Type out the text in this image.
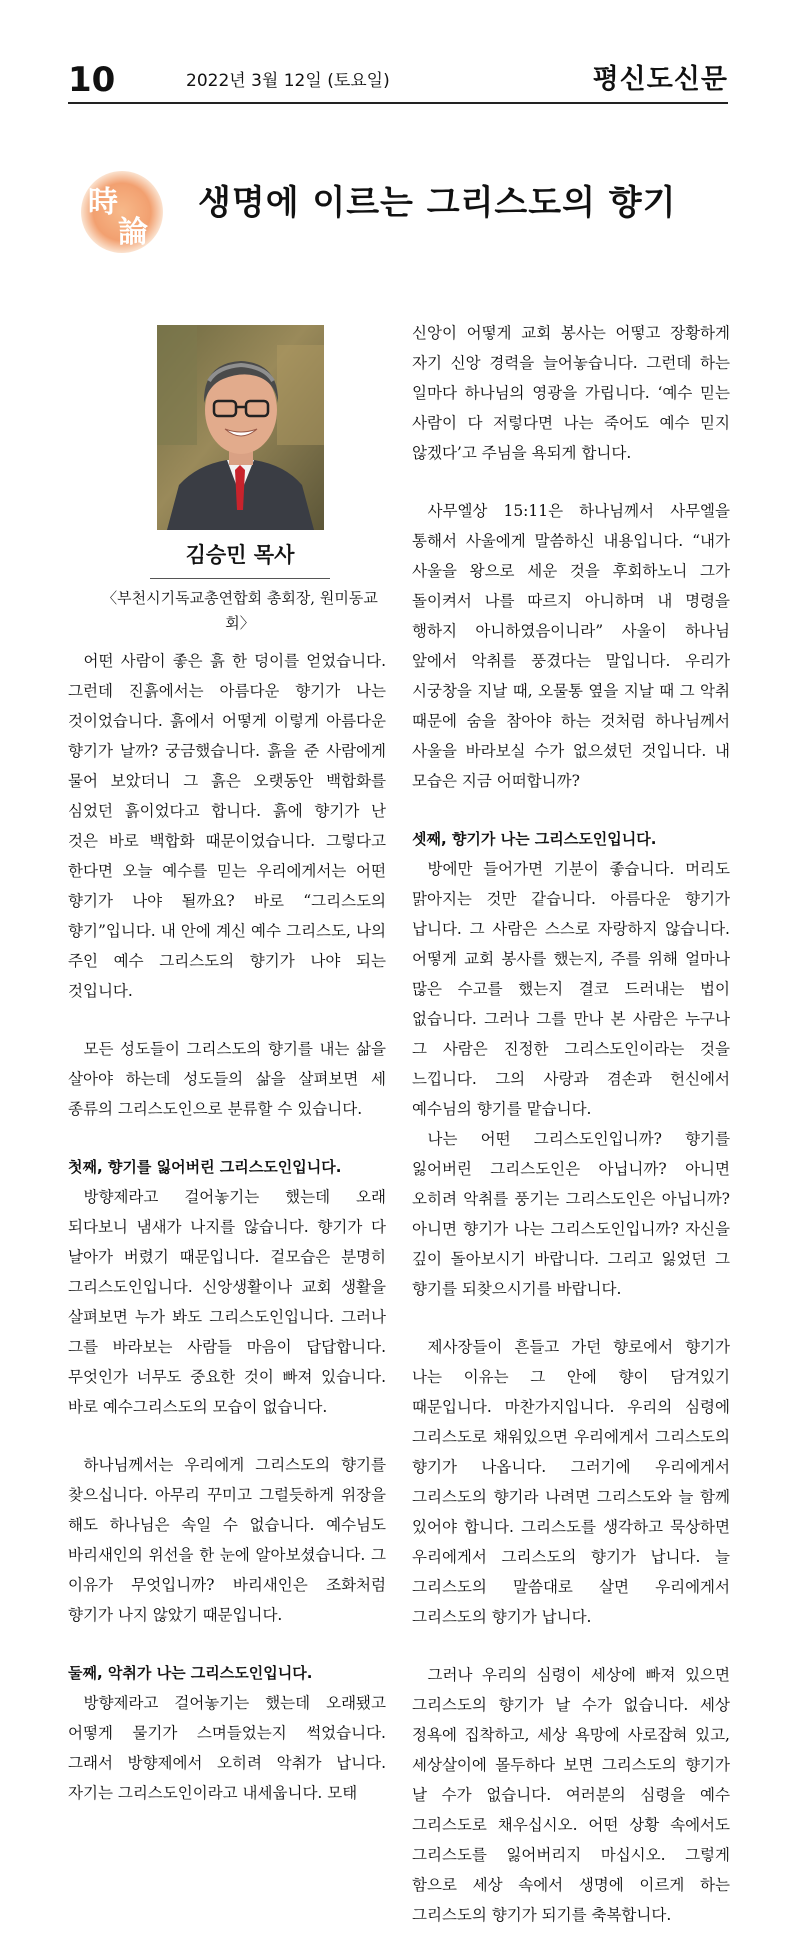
10	2022년 3월 12일 (토요일)	평신도신문
時
論
생명에 이르는 그리스도의 향기
김승민 목사
〈부천시기독교총연합회 총회장, 원미동교회〉

어떤 사람이 좋은 흙 한 덩이를 얻었습니다. 그런데 진흙에서는 아름다운 향기가 나는 것이었습니다. 흙에서 어떻게 이렇게 아름다운 향기가 날까? 궁금했습니다. 흙을 준 사람에게 물어 보았더니 그 흙은 오랫동안 백합화를 심었던 흙이었다고 합니다. 흙에 향기가 난 것은 바로 백합화 때문이었습니다. 그렇다고 한다면 오늘 예수를 믿는 우리에게서는 어떤 향기가 나야 될까요? 바로 “그리스도의 향기”입니다. 내 안에 계신 예수 그리스도, 나의 주인 예수 그리스도의 향기가 나야 되는 것입니다.

모든 성도들이 그리스도의 향기를 내는 삶을 살아야 하는데 성도들의 삶을 살펴보면 세 종류의 그리스도인으로 분류할 수 있습니다.

첫째, 향기를 잃어버린 그리스도인입니다.

방향제라고 걸어놓기는 했는데 오래 되다보니 냄새가 나지를 않습니다. 향기가 다 날아가 버렸기 때문입니다. 겉모습은 분명히 그리스도인입니다. 신앙생활이나 교회 생활을 살펴보면 누가 봐도 그리스도인입니다. 그러나 그를 바라보는 사람들 마음이 답답합니다. 무엇인가 너무도 중요한 것이 빠져 있습니다. 바로 예수그리스도의 모습이 없습니다.

하나님께서는 우리에게 그리스도의 향기를 찾으십니다. 아무리 꾸미고 그럴듯하게 위장을 해도 하나님은 속일 수 없습니다. 예수님도 바리새인의 위선을 한 눈에 알아보셨습니다. 그 이유가 무엇입니까? 바리새인은 조화처럼 향기가 나지 않았기 때문입니다.

둘째, 악취가 나는 그리스도인입니다.

방향제라고 걸어놓기는 했는데 오래됐고 어떻게 물기가 스며들었는지 썩었습니다. 그래서 방향제에서 오히려 악취가 납니다. 자기는 그리스도인이라고 내세웁니다. 모태

신앙이 어떻게 교회 봉사는 어떻고 장황하게 자기 신앙 경력을 늘어놓습니다. 그런데 하는 일마다 하나님의 영광을 가립니다. ‘예수 믿는 사람이 다 저렇다면 나는 죽어도 예수 믿지 않겠다’고 주님을 욕되게 합니다.

사무엘상 15:11은 하나님께서 사무엘을 통해서 사울에게 말씀하신 내용입니다. “내가 사울을 왕으로 세운 것을 후회하노니 그가 돌이켜서 나를 따르지 아니하며 내 명령을 행하지 아니하였음이니라” 사울이 하나님 앞에서 악취를 풍겼다는 말입니다. 우리가 시궁창을 지날 때, 오물통 옆을 지날 때 그 악취 때문에 숨을 참아야 하는 것처럼 하나님께서 사울을 바라보실 수가 없으셨던 것입니다. 내 모습은 지금 어떠합니까?

셋째, 향기가 나는 그리스도인입니다.

방에만 들어가면 기분이 좋습니다. 머리도 맑아지는 것만 같습니다. 아름다운 향기가 납니다. 그 사람은 스스로 자랑하지 않습니다. 어떻게 교회 봉사를 했는지, 주를 위해 얼마나 많은 수고를 했는지 결코 드러내는 법이 없습니다. 그러나 그를 만나 본 사람은 누구나 그 사람은 진정한 그리스도인이라는 것을 느낍니다. 그의 사랑과 겸손과 헌신에서 예수님의 향기를 맡습니다.

나는 어떤 그리스도인입니까? 향기를 잃어버린 그리스도인은 아닙니까? 아니면 오히려 악취를 풍기는 그리스도인은 아닙니까? 아니면 향기가 나는 그리스도인입니까? 자신을 깊이 돌아보시기 바랍니다. 그리고 잃었던 그 향기를 되찾으시기를 바랍니다.

제사장들이 흔들고 가던 향로에서 향기가 나는 이유는 그 안에 향이 담겨있기 때문입니다. 마찬가지입니다. 우리의 심령에 그리스도로 채워있으면 우리에게서 그리스도의 향기가 나옵니다. 그러기에 우리에게서 그리스도의 향기라 나려면 그리스도와 늘 함께 있어야 합니다. 그리스도를 생각하고 묵상하면 우리에게서 그리스도의 향기가 납니다. 늘 그리스도의 말씀대로 살면 우리에게서 그리스도의 향기가 납니다.

그러나 우리의 심령이 세상에 빠져 있으면 그리스도의 향기가 날 수가 없습니다. 세상 정욕에 집착하고, 세상 욕망에 사로잡혀 있고, 세상살이에 몰두하다 보면 그리스도의 향기가 날 수가 없습니다. 여러분의 심령을 예수 그리스도로 채우십시오. 어떤 상황 속에서도 그리스도를 잃어버리지 마십시오. 그렇게 함으로 세상 속에서 생명에 이르게 하는 그리스도의 향기가 되기를 축복합니다.
